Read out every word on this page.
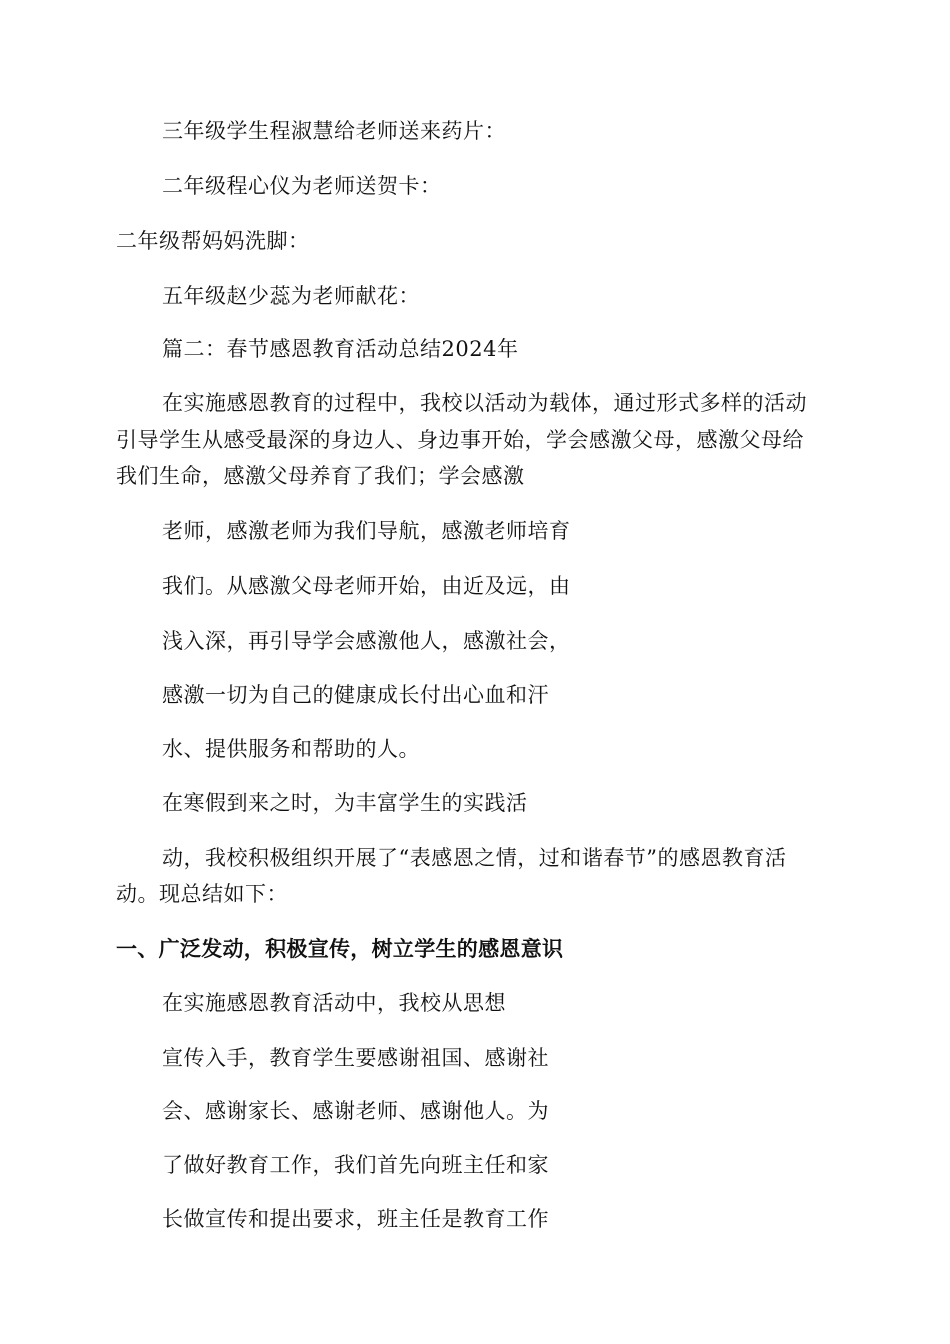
三年级学生程淑慧给老师送来药片：
二年级程心仪为老师送贺卡：
二年级帮妈妈洗脚：
五年级赵少蕊为老师献花：
篇二：春节感恩教育活动总结2024年
在实施感恩教育的过程中，我校以活动为载体，通过形式多样的活动
引导学生从感受最深的身边人、身边事开始，学会感激父母，感激父母给
我们生命，感激父母养育了我们；学会感激
老师，感激老师为我们导航，感激老师培育
我们。从感激父母老师开始，由近及远，由
浅入深，再引导学会感激他人，感激社会，
感激一切为自己的健康成长付出心血和汗
水、提供服务和帮助的人。
在寒假到来之时，为丰富学生的实践活
动，我校积极组织开展了“表感恩之情，过和谐春节”的感恩教育活
动。现总结如下：
一、广泛发动，积极宣传，树立学生的感恩意识
在实施感恩教育活动中，我校从思想
宣传入手，教育学生要感谢祖国、感谢社
会、感谢家长、感谢老师、感谢他人。为
了做好教育工作，我们首先向班主任和家
长做宣传和提出要求，班主任是教育工作
